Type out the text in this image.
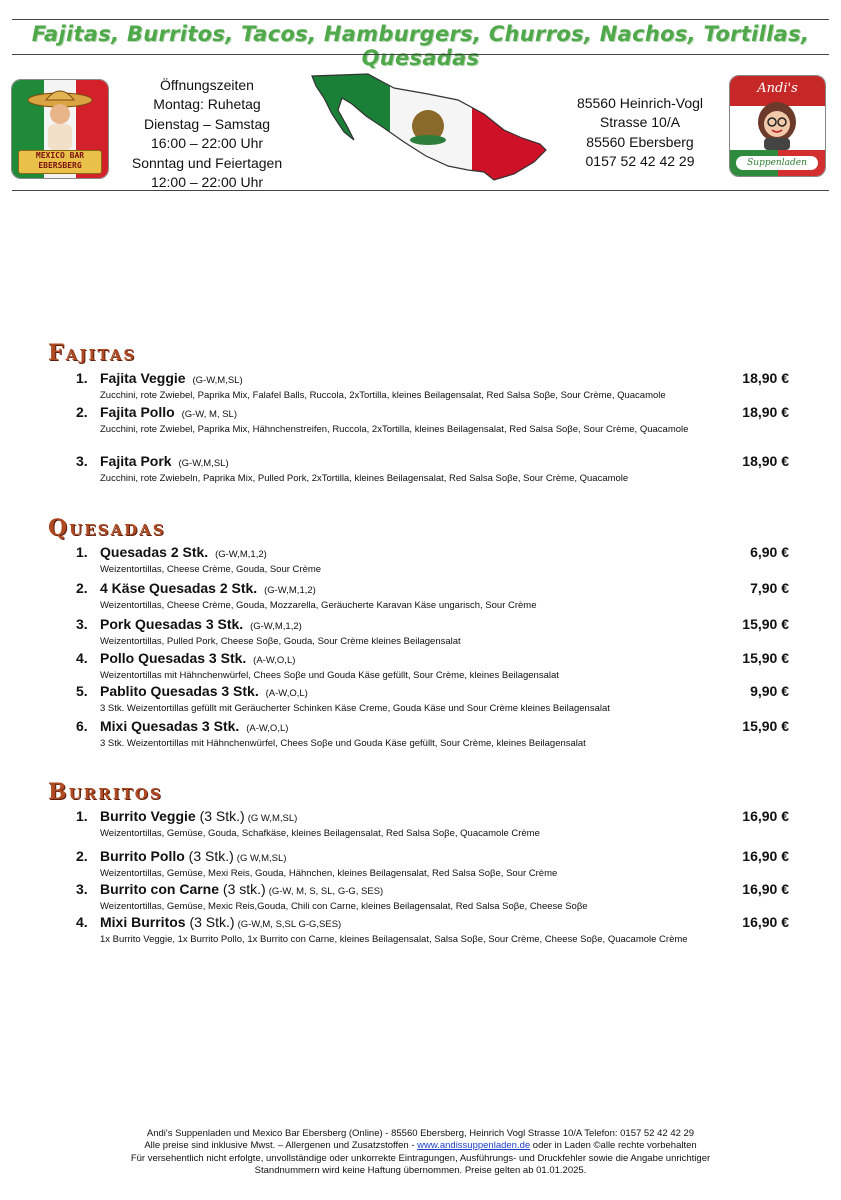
Fajitas, Burritos, Tacos, Hamburgers, Churros, Nachos, Tortillas, Quesadas
MEXICO BAR
EBERSBERG
Öffnungszeiten
Montag: Ruhetag
Dienstag – Samstag
16:00 – 22:00 Uhr
Sonntag und Feiertagen
12:00 – 22:00 Uhr
85560 Heinrich-Vogl
Strasse 10/A
85560 Ebersberg
0157 52 42 42 29
Andi's
Suppenladen
Fajitas
1. Fajita Veggie (G-W,M,SL)	18,90 €
Zucchini, rote Zwiebel, Paprika Mix, Falafel Balls, Ruccola, 2xTortilla, kleines Beilagensalat, Red Salsa Soβe, Sour Crème, Quacamole
2. Fajita Pollo (G-W, M, SL)	18,90 €
Zucchini, rote Zwiebel, Paprika Mix, Hähnchenstreifen, Ruccola, 2xTortilla, kleines Beilagensalat, Red Salsa Soβe, Sour Crème, Quacamole
3. Fajita Pork (G-W,M,SL)	18,90 €
Zucchini, rote Zwiebeln, Paprika Mix, Pulled Pork, 2xTortilla, kleines Beilagensalat, Red Salsa Soβe, Sour Crème, Quacamole
Quesadas
1. Quesadas 2 Stk. (G-W,M,1,2)	6,90 €
Weizentortillas, Cheese Crème, Gouda, Sour Crème
2. 4 Käse Quesadas 2 Stk. (G-W,M,1,2)	7,90 €
Weizentortillas, Cheese Crème, Gouda, Mozzarella, Geräucherte Karavan Käse ungarisch, Sour Crème
3. Pork Quesadas 3 Stk. (G-W,M,1,2)	15,90 €
Weizentortillas, Pulled Pork, Cheese Soβe, Gouda, Sour Crème kleines Beilagensalat
4. Pollo Quesadas 3 Stk. (A-W,O,L)	15,90 €
Weizentortillas mit Hähnchenwürfel, Chees Soβe und Gouda Käse gefüllt, Sour Crème, kleines Beilagensalat
5. Pablito Quesadas 3 Stk. (A-W,O,L)	9,90 €
3 Stk. Weizentortillas gefüllt mit Geräucherter Schinken Käse Creme, Gouda Käse und Sour Crème kleines Beilagensalat
6. Mixi Quesadas 3 Stk. (A-W,O,L)	15,90 €
3 Stk. Weizentortillas mit Hähnchenwürfel, Chees Soβe und Gouda Käse gefüllt, Sour Crème, kleines Beilagensalat
Burritos
1. Burrito Veggie (3 Stk.) (G W,M,SL)	16,90 €
Weizentortillas, Gemüse, Gouda, Schafkäse, kleines Beilagensalat, Red Salsa Soβe, Quacamole Crème
2. Burrito Pollo (3 Stk.) (G W,M,SL)	16,90 €
Weizentortillas, Gemüse, Mexi Reis, Gouda, Hähnchen, kleines Beilagensalat, Red Salsa Soβe, Sour Crème
3. Burrito con Carne (3 stk.) (G-W, M, S, SL, G-G, SES)	16,90 €
Weizentortillas, Gemüse, Mexic Reis,Gouda, Chili con Carne, kleines Beilagensalat, Red Salsa Soβe, Cheese Soβe
4. Mixi Burritos (3 Stk.) (G-W,M, S,SL G-G,SES)	16,90 €
1x Burrito Veggie, 1x Burrito Pollo, 1x Burrito con Carne, kleines Beilagensalat, Salsa Soβe, Sour Crème, Cheese Soβe, Quacamole Crème
Andi's Suppenladen und Mexico Bar Ebersberg (Online) - 85560 Ebersberg, Heinrich Vogl Strasse 10/A Telefon: 0157 52 42 42 29
Alle preise sind inklusive Mwst. – Allergenen und Zusatzstoffen - www.andissuppenladen.de oder in Laden ©alle rechte vorbehalten
Für versehentlich nicht erfolgte, unvollständige oder unkorrekte Eintragungen, Ausführungs- und Druckfehler sowie die Angabe unrichtiger
Standnummern wird keine Haftung übernommen. Preise gelten ab 01.01.2025.
